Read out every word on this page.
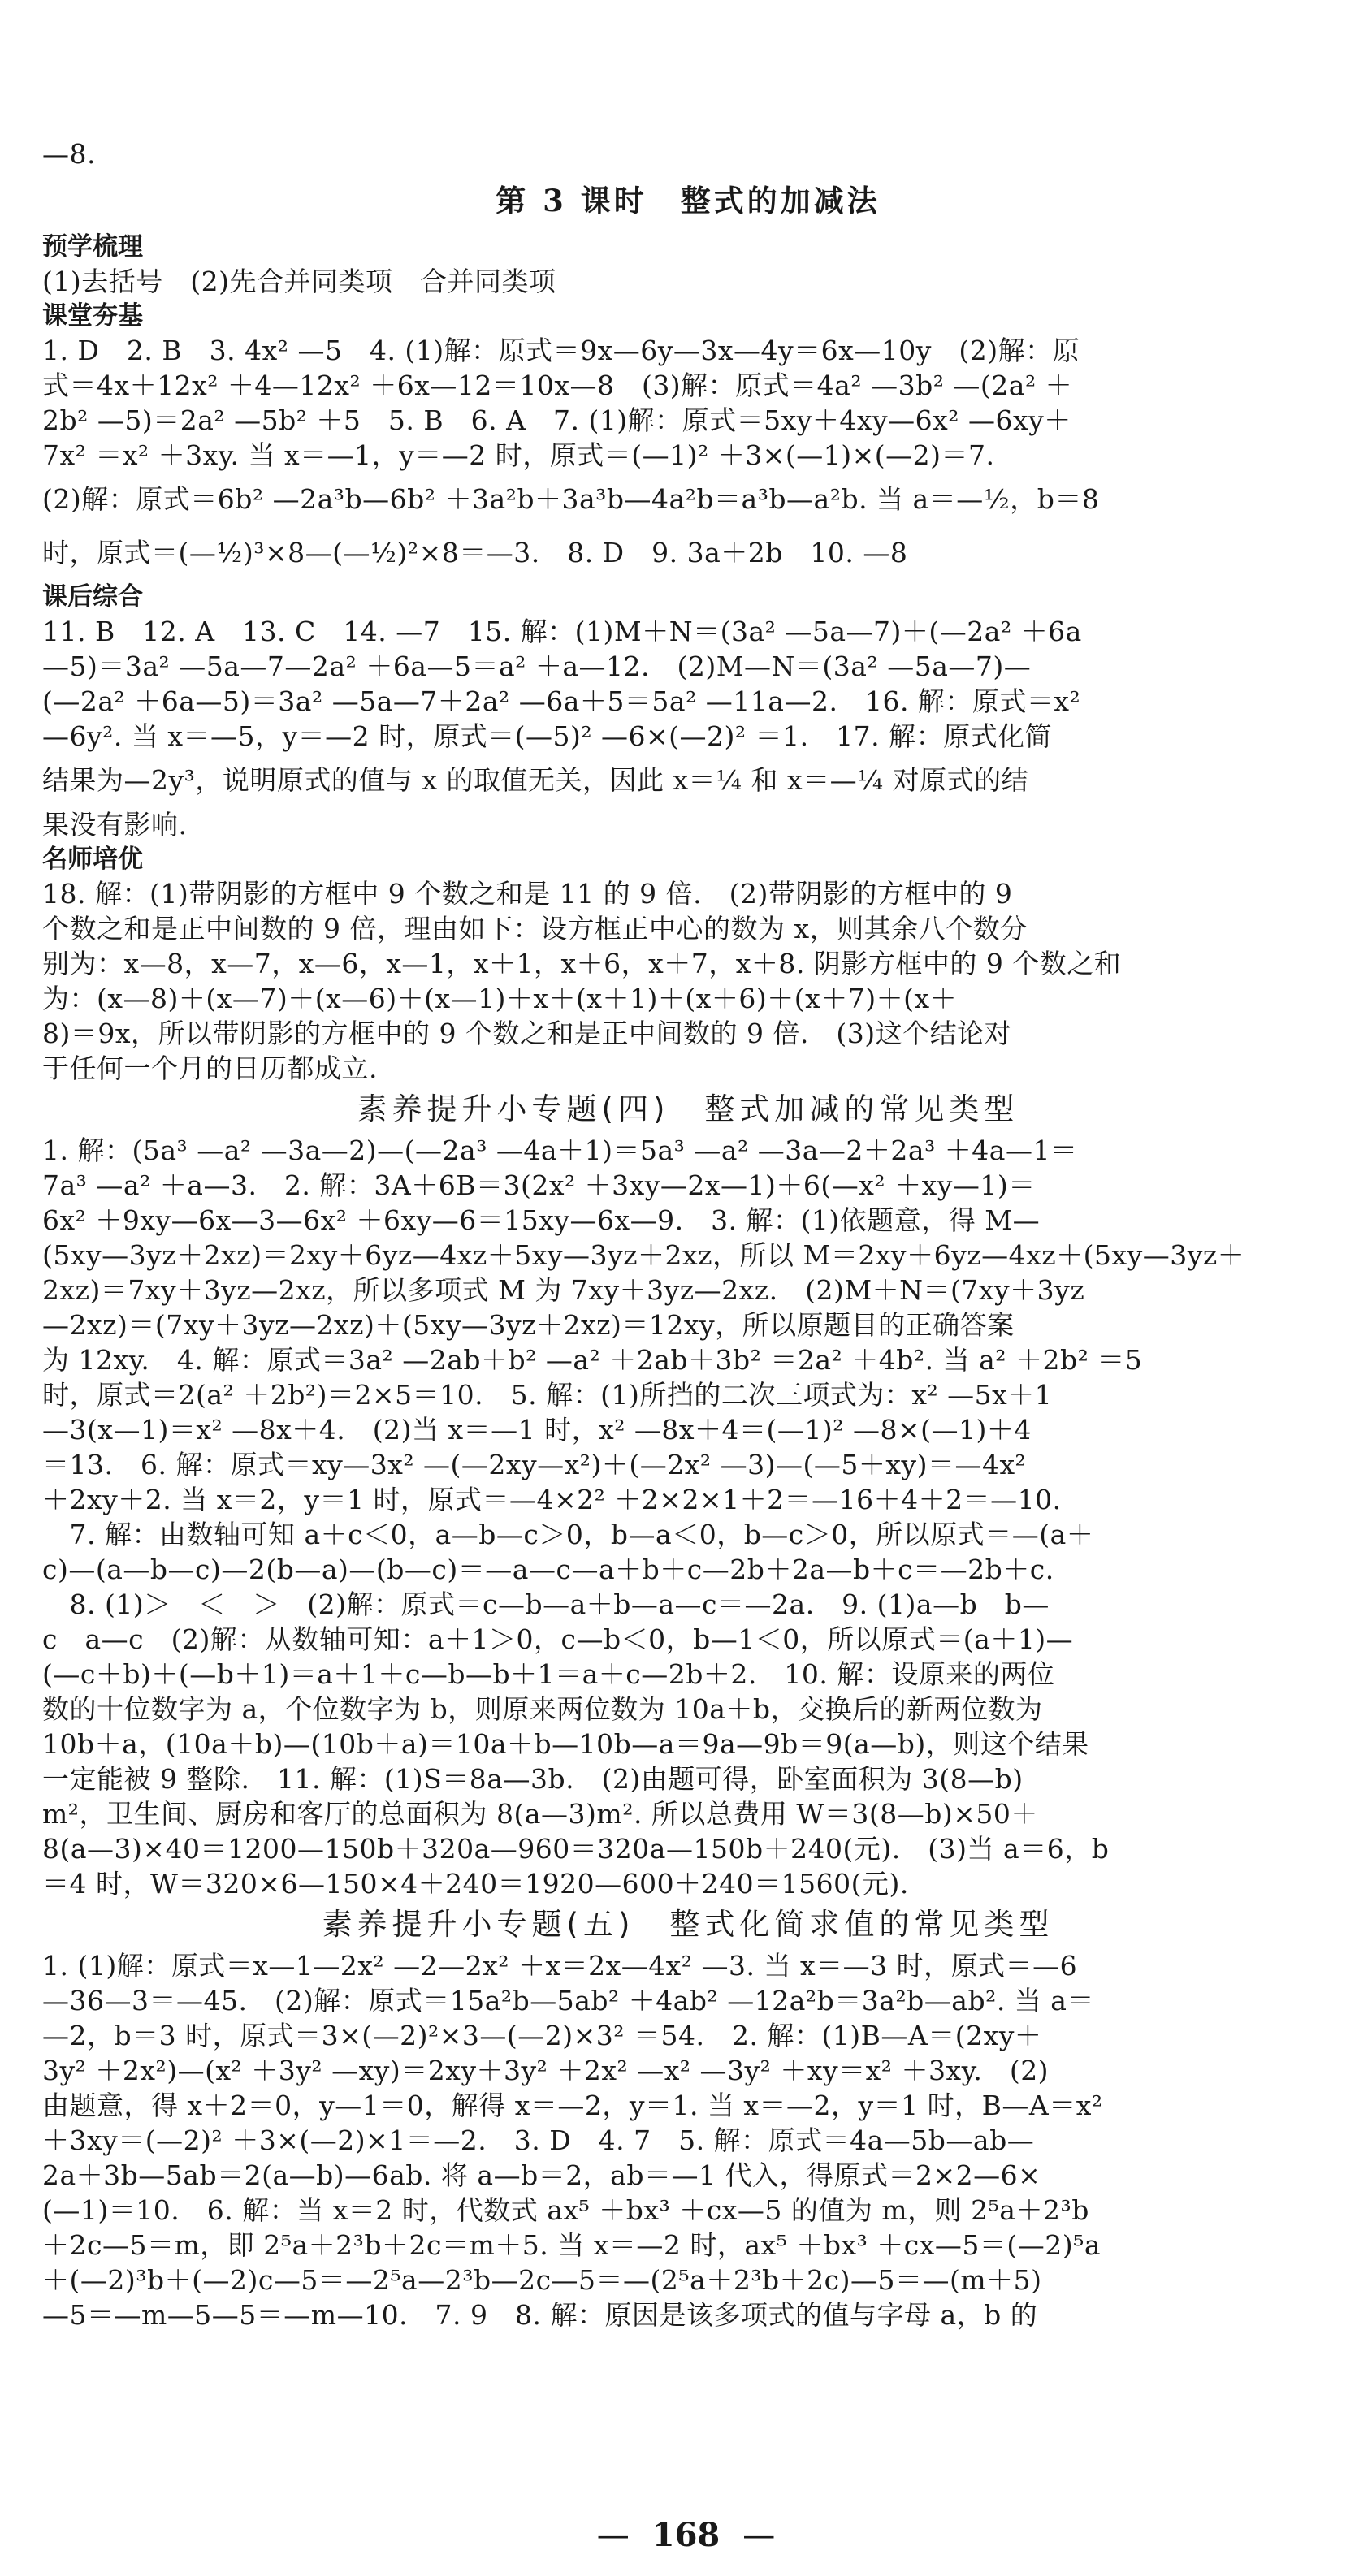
—8.
第 3 课时　整式的加减法
预学梳理
(1)去括号　(2)先合并同类项　合并同类项
课堂夯基
1. D　2. B　3. 4x² —5　4. (1)解：原式＝9x—6y—3x—4y＝6x—10y　(2)解：原
式＝4x＋12x² ＋4—12x² ＋6x—12＝10x—8　(3)解：原式＝4a² —3b² —(2a² ＋
2b² —5)＝2a² —5b² ＋5　5. B　6. A　7. (1)解：原式＝5xy＋4xy—6x² —6xy＋
7x² ＝x² ＋3xy. 当 x＝—1，y＝—2 时，原式＝(—1)² ＋3×(—1)×(—2)＝7.
(2)解：原式＝6b² —2a³b—6b² ＋3a²b＋3a³b—4a²b＝a³b—a²b. 当 a＝—½，b＝8
时，原式＝(—½)³×8—(—½)²×8＝—3.　8. D　9. 3a＋2b　10. —8
课后综合
11. B　12. A　13. C　14. —7　15. 解：(1)M＋N＝(3a² —5a—7)＋(—2a² ＋6a
—5)＝3a² —5a—7—2a² ＋6a—5＝a² ＋a—12.　(2)M—N＝(3a² —5a—7)—
(—2a² ＋6a—5)＝3a² —5a—7＋2a² —6a＋5＝5a² —11a—2.　16. 解：原式＝x²
—6y². 当 x＝—5，y＝—2 时，原式＝(—5)² —6×(—2)² ＝1.　17. 解：原式化简
结果为—2y³，说明原式的值与 x 的取值无关，因此 x＝¼ 和 x＝—¼ 对原式的结
果没有影响.
名师培优
18. 解：(1)带阴影的方框中 9 个数之和是 11 的 9 倍.　(2)带阴影的方框中的 9
个数之和是正中间数的 9 倍，理由如下：设方框正中心的数为 x，则其余八个数分
别为：x—8，x—7，x—6，x—1，x＋1，x＋6，x＋7，x＋8. 阴影方框中的 9 个数之和
为：(x—8)＋(x—7)＋(x—6)＋(x—1)＋x＋(x＋1)＋(x＋6)＋(x＋7)＋(x＋
8)＝9x，所以带阴影的方框中的 9 个数之和是正中间数的 9 倍.　(3)这个结论对
于任何一个月的日历都成立.
素养提升小专题(四)　整式加减的常见类型
1. 解：(5a³ —a² —3a—2)—(—2a³ —4a＋1)＝5a³ —a² —3a—2＋2a³ ＋4a—1＝
7a³ —a² ＋a—3.　2. 解：3A＋6B＝3(2x² ＋3xy—2x—1)＋6(—x² ＋xy—1)＝
6x² ＋9xy—6x—3—6x² ＋6xy—6＝15xy—6x—9.　3. 解：(1)依题意，得 M—
(5xy—3yz＋2xz)＝2xy＋6yz—4xz＋5xy—3yz＋2xz，所以 M＝2xy＋6yz—4xz＋(5xy—3yz＋
2xz)＝7xy＋3yz—2xz，所以多项式 M 为 7xy＋3yz—2xz.　(2)M＋N＝(7xy＋3yz
—2xz)＝(7xy＋3yz—2xz)＋(5xy—3yz＋2xz)＝12xy，所以原题目的正确答案
为 12xy.　4. 解：原式＝3a² —2ab＋b² —a² ＋2ab＋3b² ＝2a² ＋4b². 当 a² ＋2b² ＝5
时，原式＝2(a² ＋2b²)＝2×5＝10.　5. 解：(1)所挡的二次三项式为：x² —5x＋1
—3(x—1)＝x² —8x＋4.　(2)当 x＝—1 时，x² —8x＋4＝(—1)² —8×(—1)＋4
＝13.　6. 解：原式＝xy—3x² —(—2xy—x²)＋(—2x² —3)—(—5＋xy)＝—4x²
＋2xy＋2. 当 x＝2，y＝1 时，原式＝—4×2² ＋2×2×1＋2＝—16＋4＋2＝—10.
　7. 解：由数轴可知 a＋c＜0，a—b—c＞0，b—a＜0，b—c＞0，所以原式＝—(a＋
c)—(a—b—c)—2(b—a)—(b—c)＝—a—c—a＋b＋c—2b＋2a—b＋c＝—2b＋c.
　8. (1)＞　＜　＞　(2)解：原式＝c—b—a＋b—a—c＝—2a.　9. (1)a—b　b—
c　a—c　(2)解：从数轴可知：a＋1＞0，c—b＜0，b—1＜0，所以原式＝(a＋1)—
(—c＋b)＋(—b＋1)＝a＋1＋c—b—b＋1＝a＋c—2b＋2.　10. 解：设原来的两位
数的十位数字为 a，个位数字为 b，则原来两位数为 10a＋b，交换后的新两位数为
10b＋a，(10a＋b)—(10b＋a)＝10a＋b—10b—a＝9a—9b＝9(a—b)，则这个结果
一定能被 9 整除.　11. 解：(1)S＝8a—3b.　(2)由题可得，卧室面积为 3(8—b)
m²，卫生间、厨房和客厅的总面积为 8(a—3)m². 所以总费用 W＝3(8—b)×50＋
8(a—3)×40＝1200—150b＋320a—960＝320a—150b＋240(元).　(3)当 a＝6，b
＝4 时，W＝320×6—150×4＋240＝1920—600＋240＝1560(元).
素养提升小专题(五)　整式化简求值的常见类型
1. (1)解：原式＝x—1—2x² —2—2x² ＋x＝2x—4x² —3. 当 x＝—3 时，原式＝—6
—36—3＝—45.　(2)解：原式＝15a²b—5ab² ＋4ab² —12a²b＝3a²b—ab². 当 a＝
—2，b＝3 时，原式＝3×(—2)²×3—(—2)×3² ＝54.　2. 解：(1)B—A＝(2xy＋
3y² ＋2x²)—(x² ＋3y² —xy)＝2xy＋3y² ＋2x² —x² —3y² ＋xy＝x² ＋3xy.　(2)
由题意，得 x＋2＝0，y—1＝0，解得 x＝—2，y＝1. 当 x＝—2，y＝1 时，B—A＝x²
＋3xy＝(—2)² ＋3×(—2)×1＝—2.　3. D　4. 7　5. 解：原式＝4a—5b—ab—
2a＋3b—5ab＝2(a—b)—6ab. 将 a—b＝2，ab＝—1 代入，得原式＝2×2—6×
(—1)＝10.　6. 解：当 x＝2 时，代数式 ax⁵ ＋bx³ ＋cx—5 的值为 m，则 2⁵a＋2³b
＋2c—5＝m，即 2⁵a＋2³b＋2c＝m＋5. 当 x＝—2 时，ax⁵ ＋bx³ ＋cx—5＝(—2)⁵a
＋(—2)³b＋(—2)c—5＝—2⁵a—2³b—2c—5＝—(2⁵a＋2³b＋2c)—5＝—(m＋5)
—5＝—m—5—5＝—m—10.　7. 9　8. 解：原因是该多项式的值与字母 a，b 的
— 168 —
